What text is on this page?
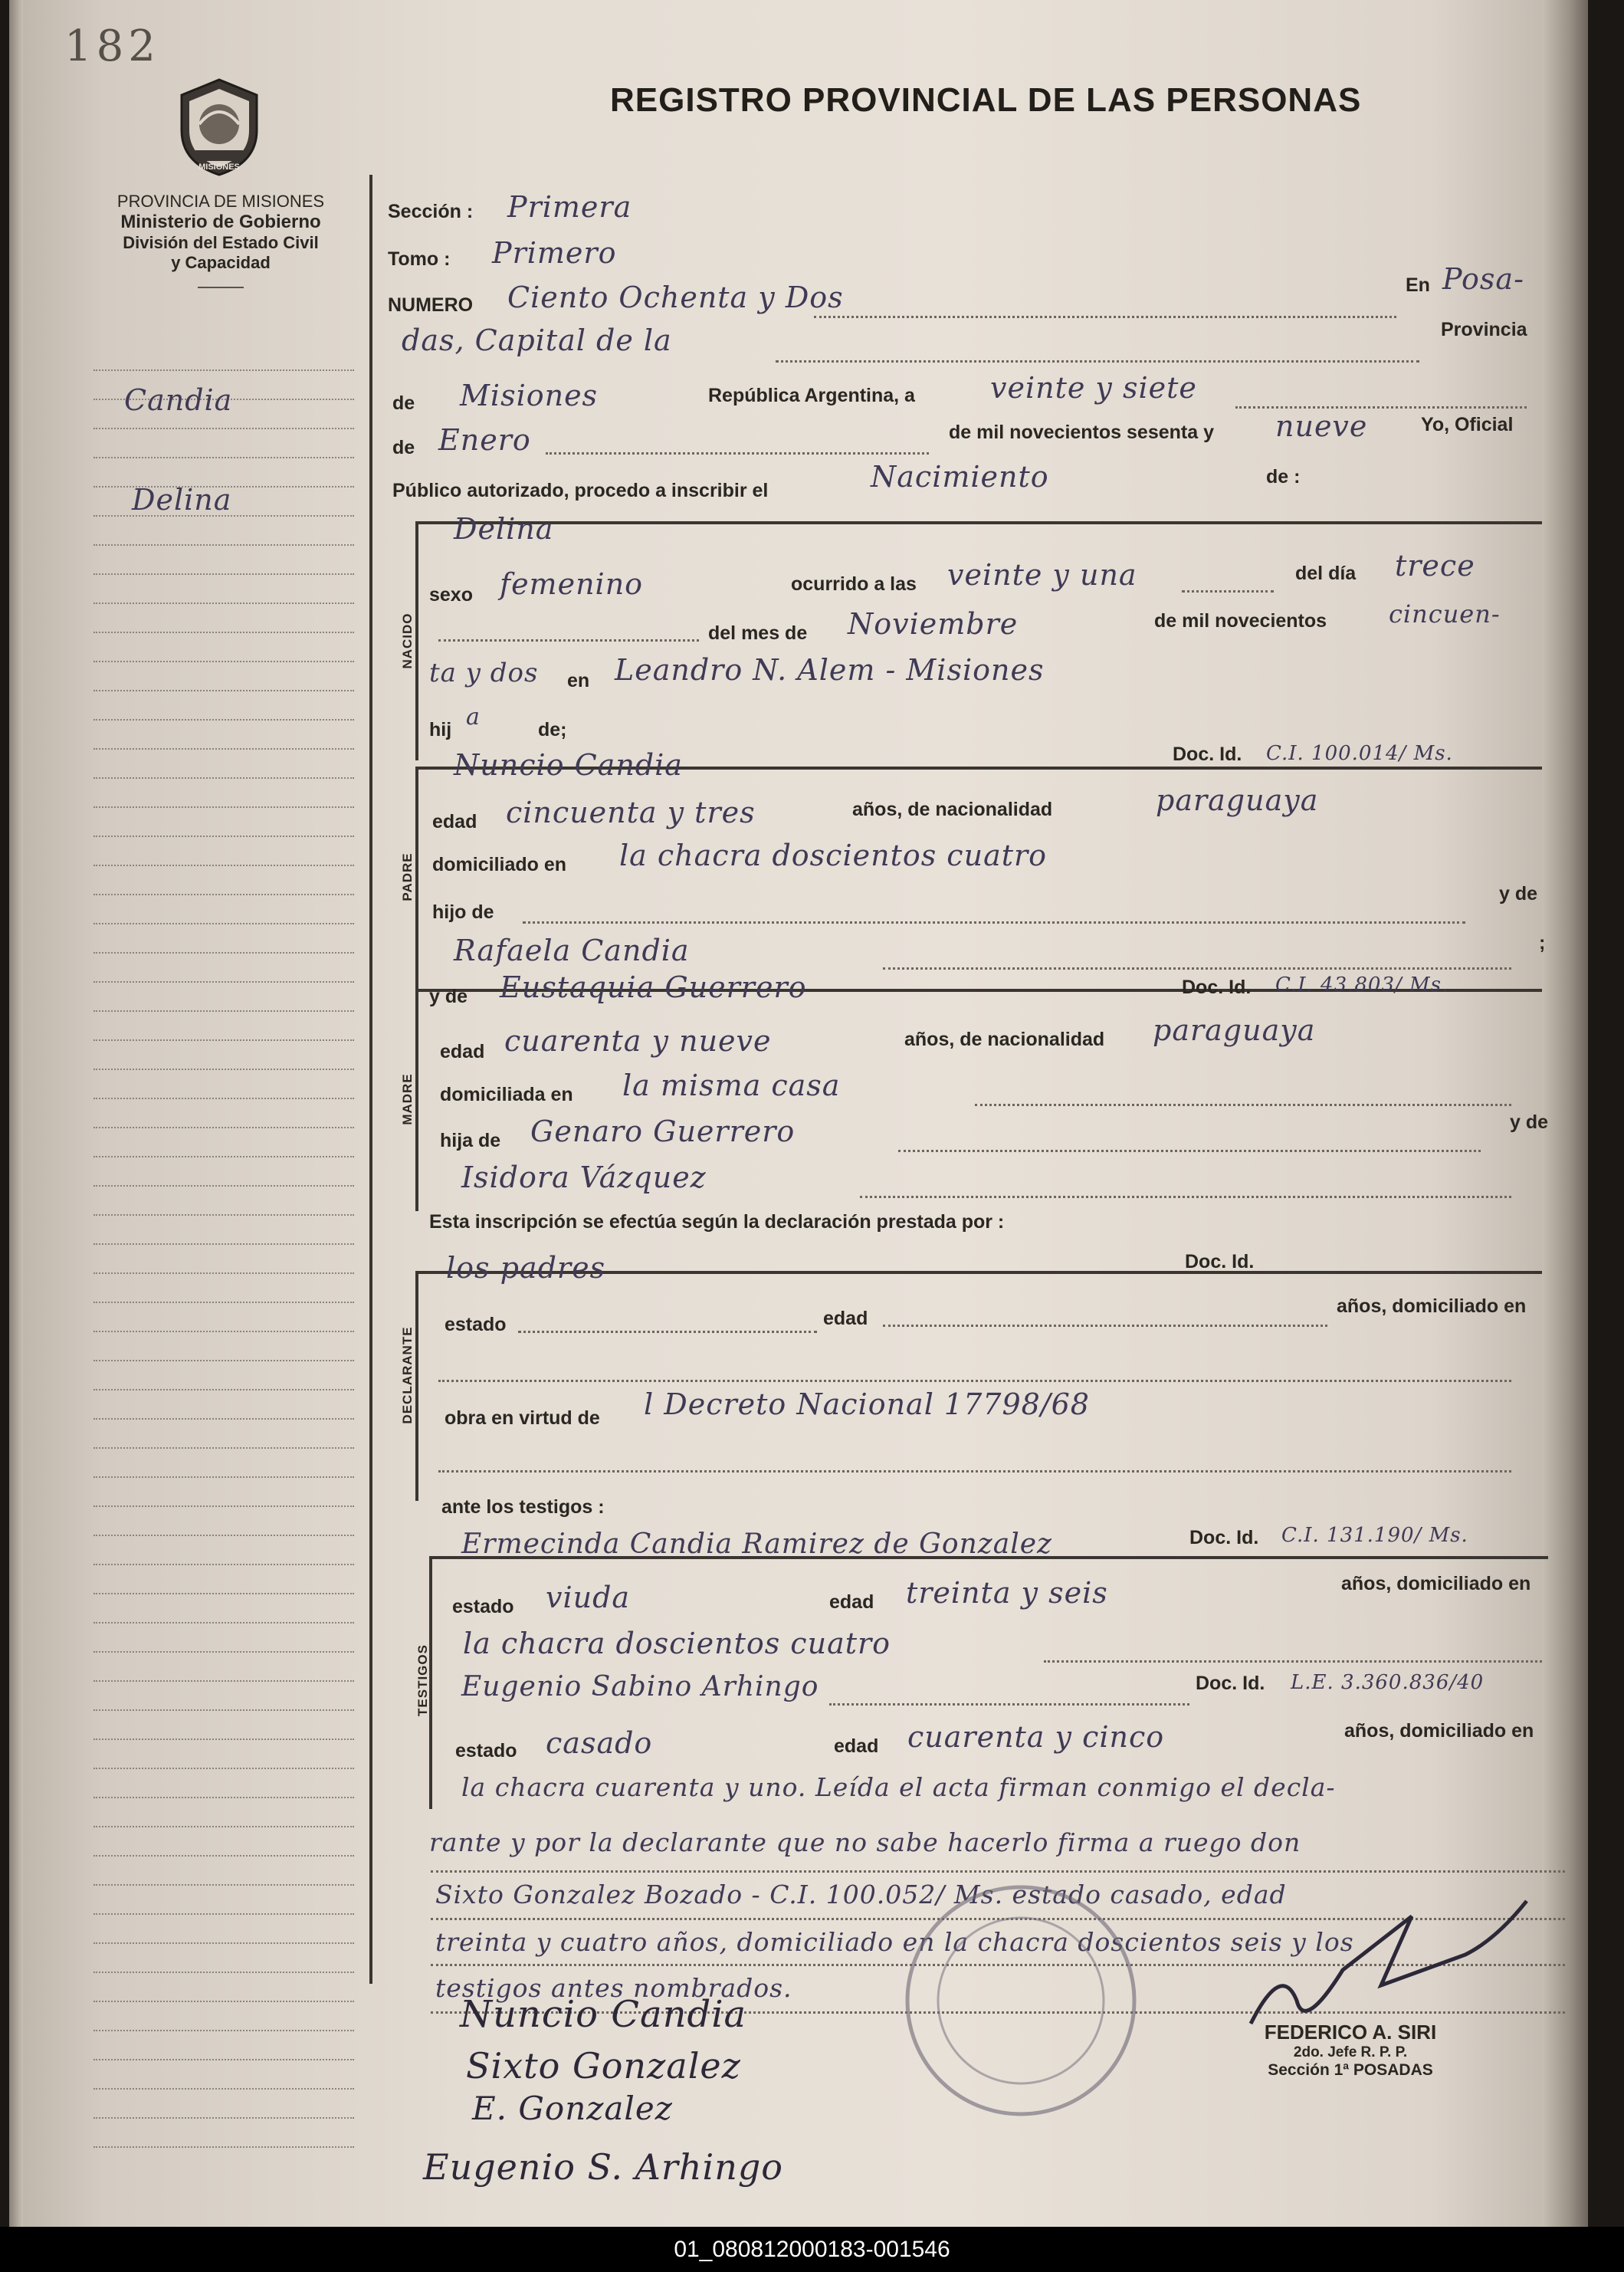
182
MISIONES
REGISTRO PROVINCIAL DE LAS PERSONAS
PROVINCIA DE MISIONES
Ministerio de Gobierno
División del Estado Civil
y Capacidad
Candia
Delina
Sección : Primera
Tomo : Primero
NUMERO Ciento Ochenta y Dos	En Posa-
das, Capital de la	Provincia
de Misiones	República Argentina, a	veinte y siete
de Enero	de mil novecientos sesenta y nueve	Yo, Oficial
Público autorizado, procedo a inscribir el	Nacimiento	de :
NACIDO
Delina
sexo femenino	ocurrido a las veinte y una	del día trece
del mes de Noviembre	de mil novecientos	cincuen-
ta y dos en Leandro N. Alem - Misiones
hij a	de;
PADRE
Nuncio Candia	Doc. Id. C.I. 100.014/ Ms.
edad cincuenta y tres	años, de nacionalidad	paraguaya
domiciliado en la chacra doscientos cuatro
hijo de
y de
Rafaela Candia	;
MADRE
y de Eustaquia Guerrero	Doc. Id. C.I. 43.803/ Ms.
edad cuarenta y nueve	años, de nacionalidad paraguaya
domiciliada en la misma casa
hija de Genaro Guerrero	y de
Isidora Vázquez
Esta inscripción se efectúa según la declaración prestada por :
DECLARANTE
los padres	Doc. Id.
estado	edad
años, domiciliado en
obra en virtud de l Decreto Nacional 17798/68
ante los testigos :
TESTIGOS
Ermecinda Candia Ramirez de Gonzalez	Doc. Id. C.I. 131.190/ Ms.
estado viuda	edad treinta y seis	años, domiciliado en
la chacra doscientos cuatro
Eugenio Sabino Arhingo	Doc. Id. L.E. 3.360.836/40
estado casado	edad cuarenta y cinco	años, domiciliado en
la chacra cuarenta y uno. Leída el acta firman conmigo el decla-
rante y por la declarante que no sabe hacerlo firma a ruego don
Sixto Gonzalez Bozado - C.I. 100.052/ Ms. estado casado, edad
treinta y cuatro años, domiciliado en la chacra doscientos seis y los
testigos antes nombrados.
Nuncio Candia
Sixto Gonzalez
E. Gonzalez
Eugenio S. Arhingo
FEDERICO A. SIRI
2do. Jefe R. P. P.
Sección 1ª POSADAS
01_080812000183-001546
